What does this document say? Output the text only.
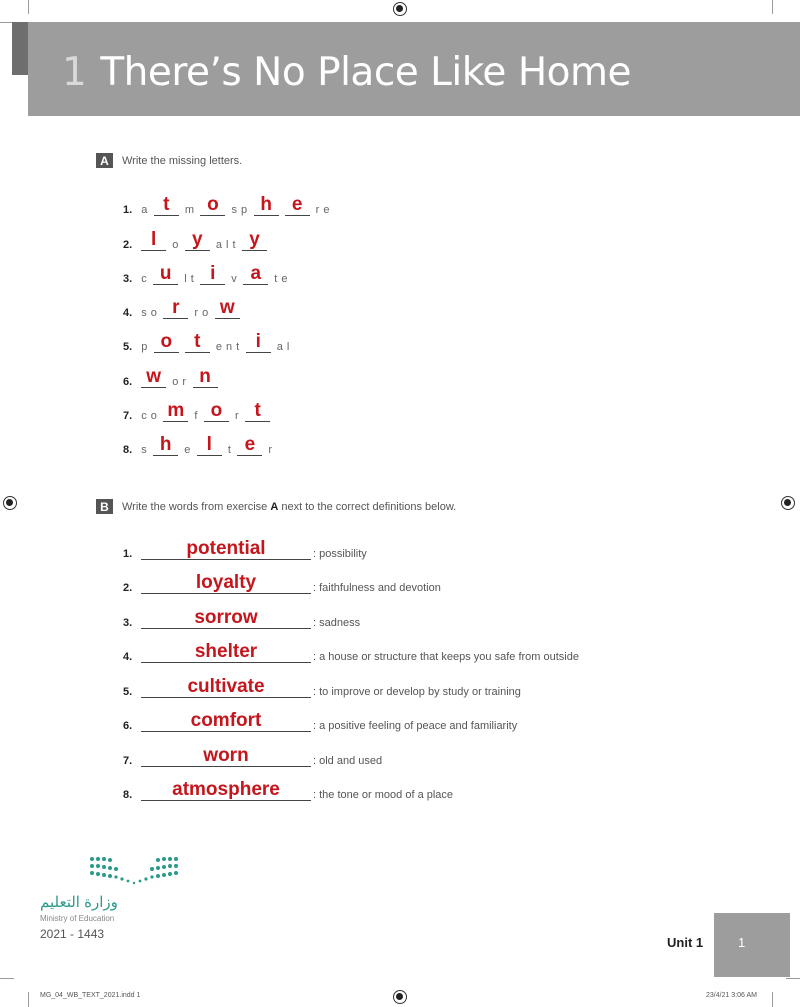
1 There’s No Place Like Home
A	Write the missing letters.
1. a t	m o	s p h	e	r e
2. l	o y	a l t y
3. c u	l t i	v a	t e
4. s o r	r o w
5. p o	t	e n t i	a l
6. w	o r n
7. c o m f o	r t
8. s h	e l	t e	r
B	Write the words from exercise A next to the correct definitions below.
1.	potential	: possibility
2.	loyalty	: faithfulness and devotion
3.	sorrow	: sadness
4.	shelter	: a house or structure that keeps you safe from outside
5.	cultivate	: to improve or develop by study or training
6.	comfort	: a positive feeling of peace and familiarity
7.	worn	: old and used
8.	atmosphere	: the tone or mood of a place
وزارة التعليم
Ministry of Education
2021 - 1443
Unit 1	1
MG_04_WB_TEXT_2021.indd 1	23/4/21 3:06 AM
